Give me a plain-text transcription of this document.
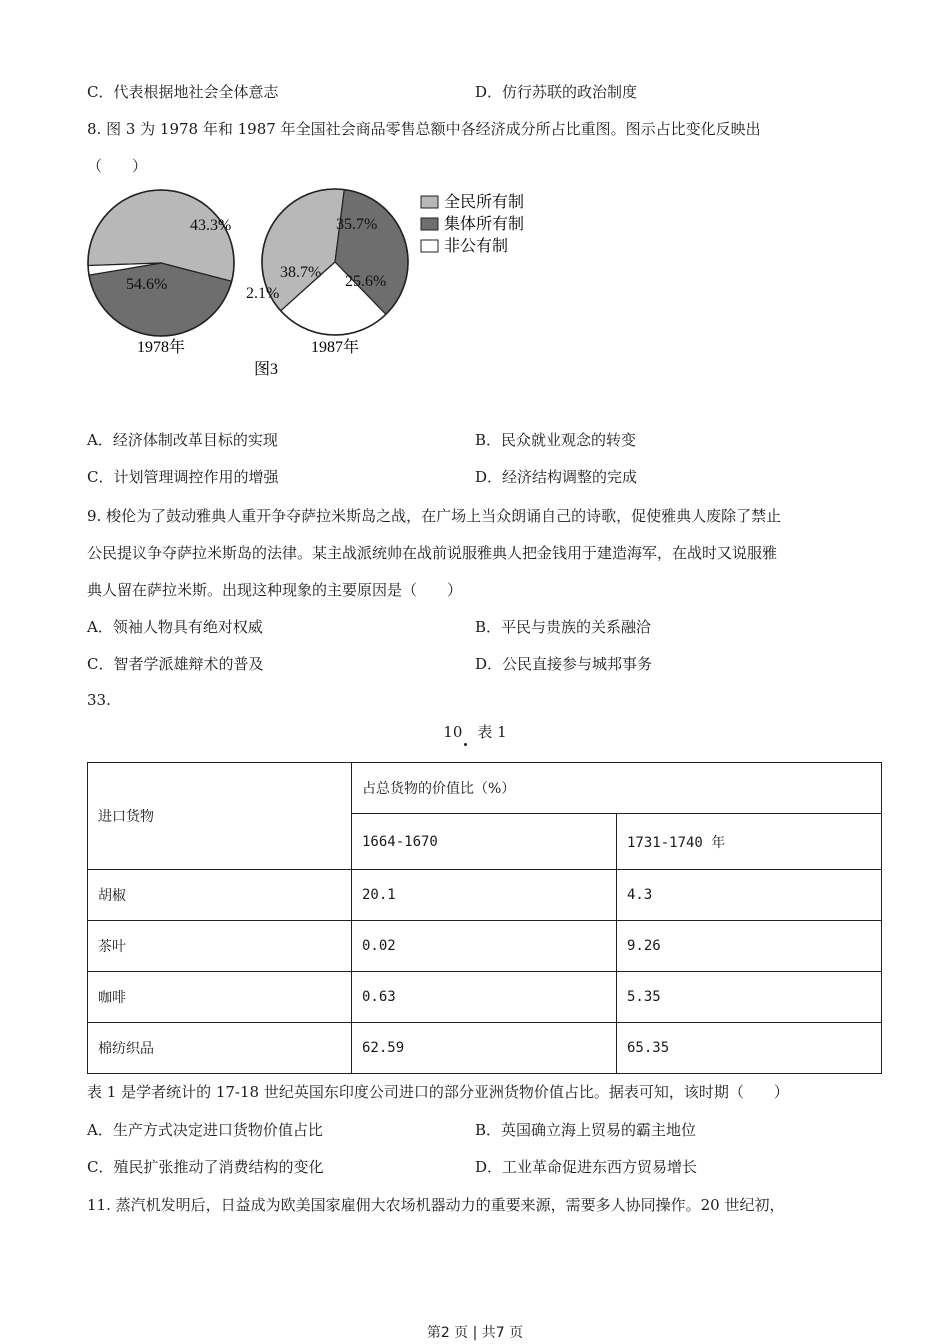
C．代表根据地社会全体意志	D．仿行苏联的政治制度
8. 图 3 为 1978 年和 1987 年全国社会商品零售总额中各经济成分所占比重图。图示占比变化反映出
（　　）
54.6%
43.3%
2.1%
38.7%
35.7%
25.6%
1978年	1987年
图3
全民所有制
集体所有制
非公有制
A．经济体制改革目标的实现	B．民众就业观念的转变
C．计划管理调控作用的增强	D．经济结构调整的完成
9. 梭伦为了鼓动雅典人重开争夺萨拉米斯岛之战，在广场上当众朗诵自己的诗歌，促使雅典人废除了禁止
公民提议争夺萨拉米斯岛的法律。某主战派统帅在战前说服雅典人把金钱用于建造海军，在战时又说服雅
典人留在萨拉米斯。出现这种现象的主要原因是（　　）
A．领袖人物具有绝对权威	B．平民与贵族的关系融洽
C．智者学派雄辩术的普及	D．公民直接参与城邦事务
33.
10　表 1
进口货物	占总货物的价值比（%）	
	1664-1670	1731-1740 年
胡椒	20.1	4.3
茶叶	0.02	9.26
咖啡	0.63	5.35
棉纺织品	62.59	65.35
表 1 是学者统计的 17-18 世纪英国东印度公司进口的部分亚洲货物价值占比。据表可知，该时期（　　）
A．生产方式决定进口货物价值占比	B．英国确立海上贸易的霸主地位
C．殖民扩张推动了消费结构的变化	D．工业革命促进东西方贸易增长
11. 蒸汽机发明后，日益成为欧美国家雇佣大农场机器动力的重要来源，需要多人协同操作。20 世纪初，
第2 页 | 共7 页
